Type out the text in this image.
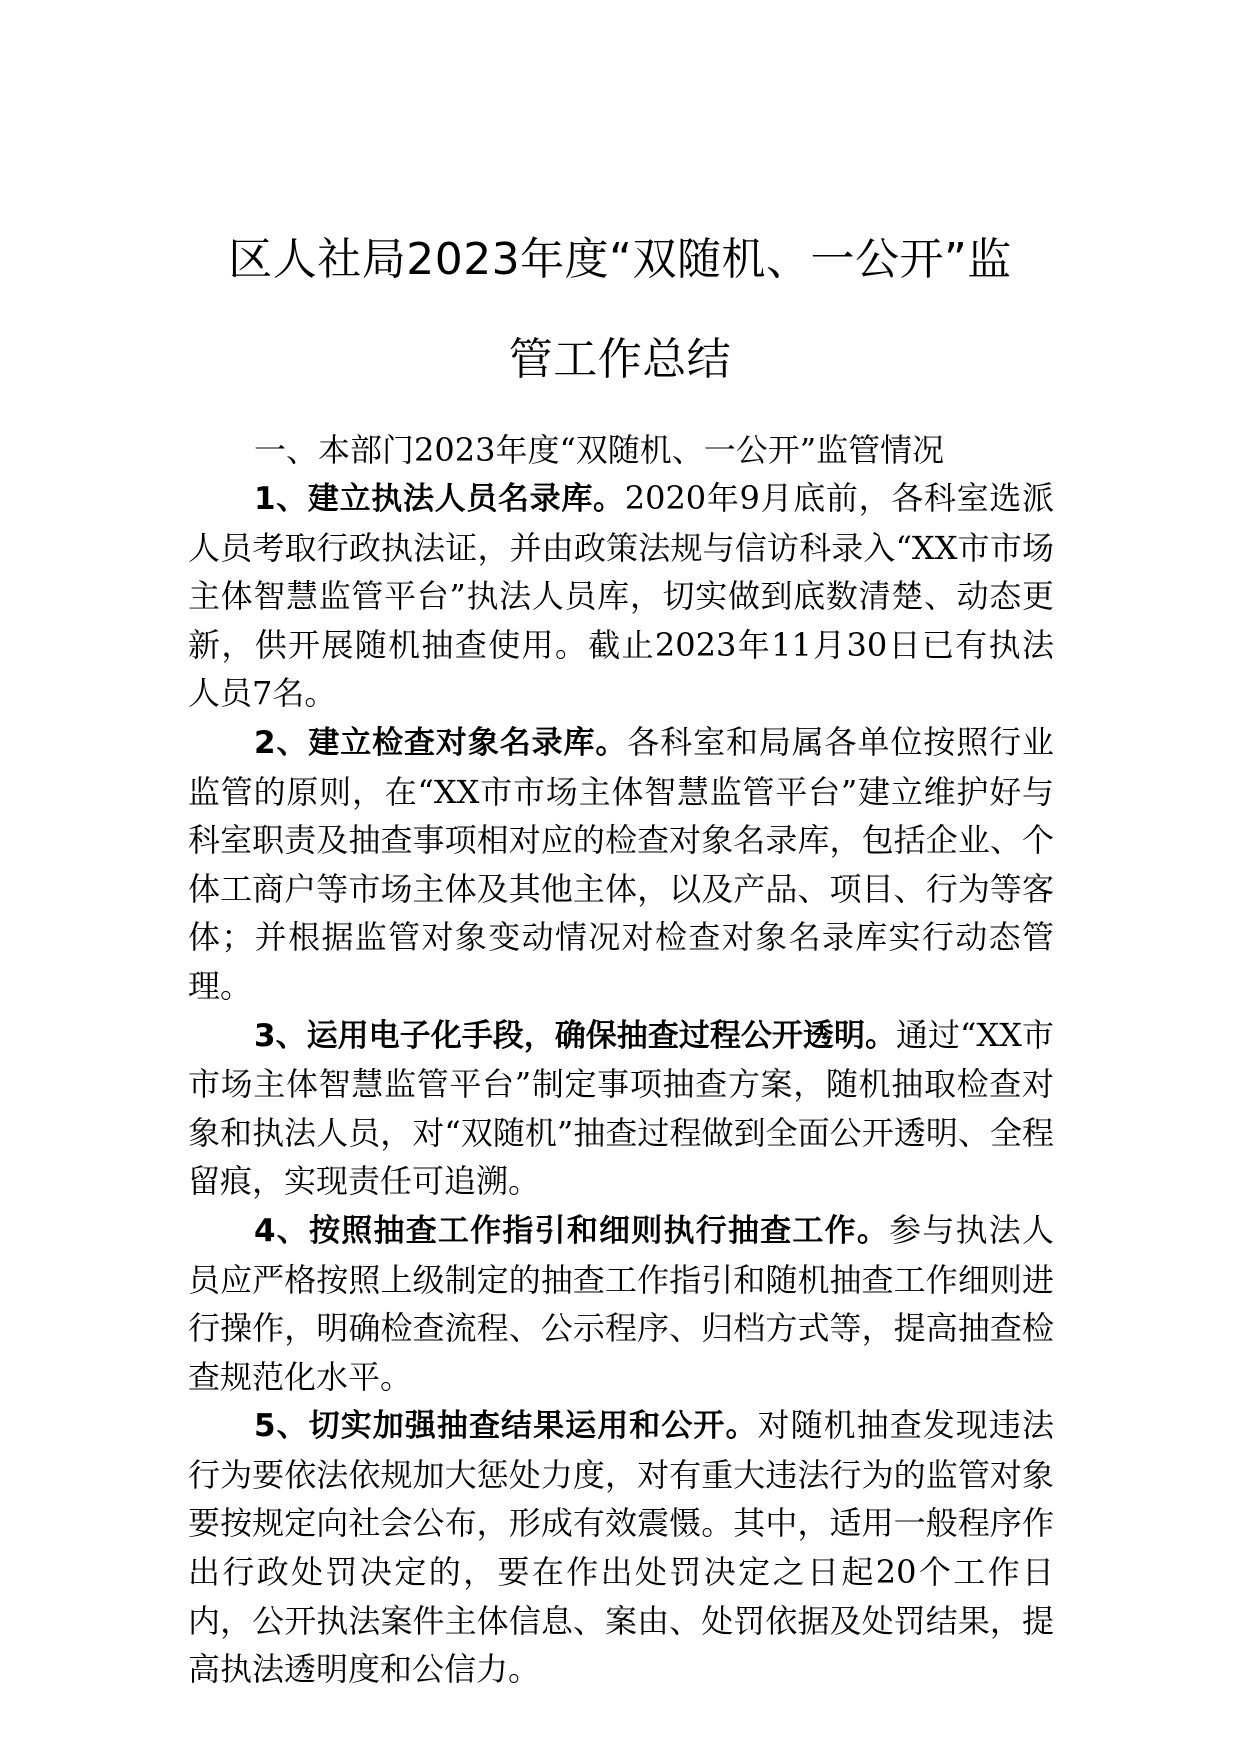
区人社局2023年度“双随机、一公开”监
管工作总结
一、本部门2023年度“双随机、一公开”监管情况

1、建立执法人员名录库。2020年9月底前，各科室选派人员考取行政执法证，并由政策法规与信访科录入“XX市市场主体智慧监管平台”执法人员库，切实做到底数清楚、动态更新，供开展随机抽查使用。截止2023年11月30日已有执法人员7名。

2、建立检查对象名录库。各科室和局属各单位按照行业监管的原则，在“XX市市场主体智慧监管平台”建立维护好与科室职责及抽查事项相对应的检查对象名录库，包括企业、个体工商户等市场主体及其他主体，以及产品、项目、行为等客体；并根据监管对象变动情况对检查对象名录库实行动态管理。

3、运用电子化手段，确保抽查过程公开透明。通过“XX市市场主体智慧监管平台”制定事项抽查方案，随机抽取检查对象和执法人员，对“双随机”抽查过程做到全面公开透明、全程留痕，实现责任可追溯。

4、按照抽查工作指引和细则执行抽查工作。参与执法人员应严格按照上级制定的抽查工作指引和随机抽查工作细则进行操作，明确检查流程、公示程序、归档方式等，提高抽查检查规范化水平。

5、切实加强抽查结果运用和公开。对随机抽查发现违法行为要依法依规加大惩处力度，对有重大违法行为的监管对象要按规定向社会公布，形成有效震慑。其中，适用一般程序作出行政处罚决定的，要在作出处罚决定之日起20个工作日内，公开执法案件主体信息、案由、处罚依据及处罚结果，提高执法透明度和公信力。
